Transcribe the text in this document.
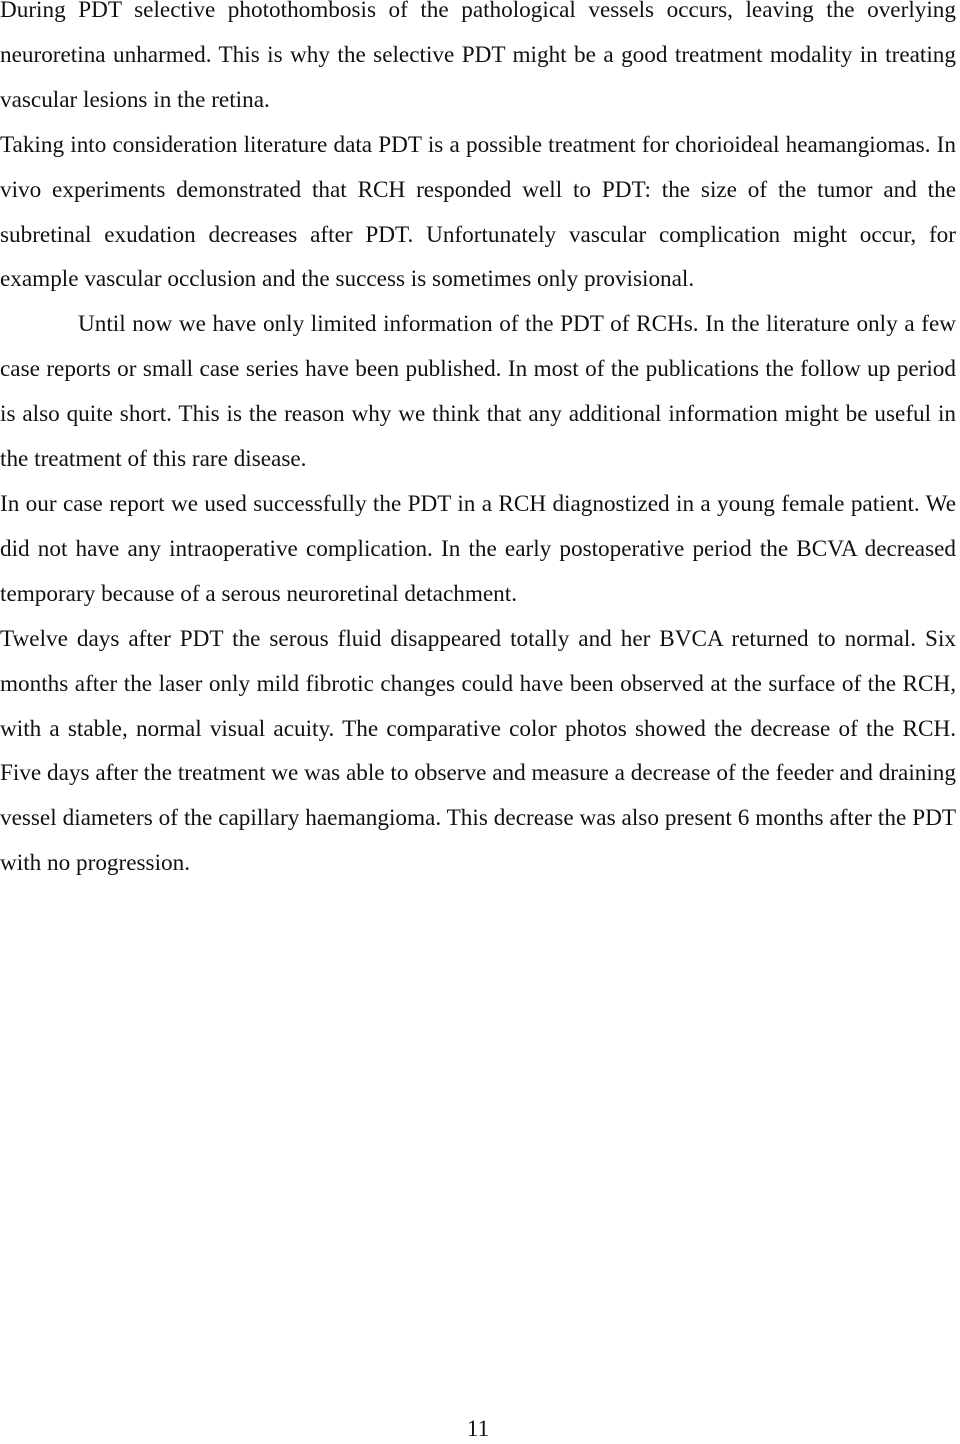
During PDT selective photothombosis of the pathological vessels occurs, leaving the overlying neuroretina unharmed. This is why the selective PDT might be a good treatment modality in treating vascular lesions in the retina.

Taking into consideration literature data PDT is a possible treatment for chorioideal heamangiomas. In vivo experiments demonstrated that RCH responded well to PDT: the size of the tumor and the subretinal exudation decreases after PDT. Unfortunately vascular complication might occur, for example vascular occlusion and the success is sometimes only provisional.

Until now we have only limited information of the PDT of RCHs. In the literature only a few case reports or small case series have been published. In most of the publications the follow up period is also quite short. This is the reason why we think that any additional information might be useful in the treatment of this rare disease.

In our case report we used successfully the PDT in a RCH diagnostized in a young female patient. We did not have any intraoperative complication. In the early postoperative period the BCVA decreased temporary because of a serous neuroretinal detachment.

Twelve days after PDT the serous fluid disappeared totally and her BVCA returned to normal. Six months after the laser only mild fibrotic changes could have been observed at the surface of the RCH, with a stable, normal visual acuity. The comparative color photos showed the decrease of the RCH. Five days after the treatment we was able to observe and measure a decrease of the feeder and draining vessel diameters of the capillary haemangioma. This decrease was also present 6 months after the PDT with no progression.

11
